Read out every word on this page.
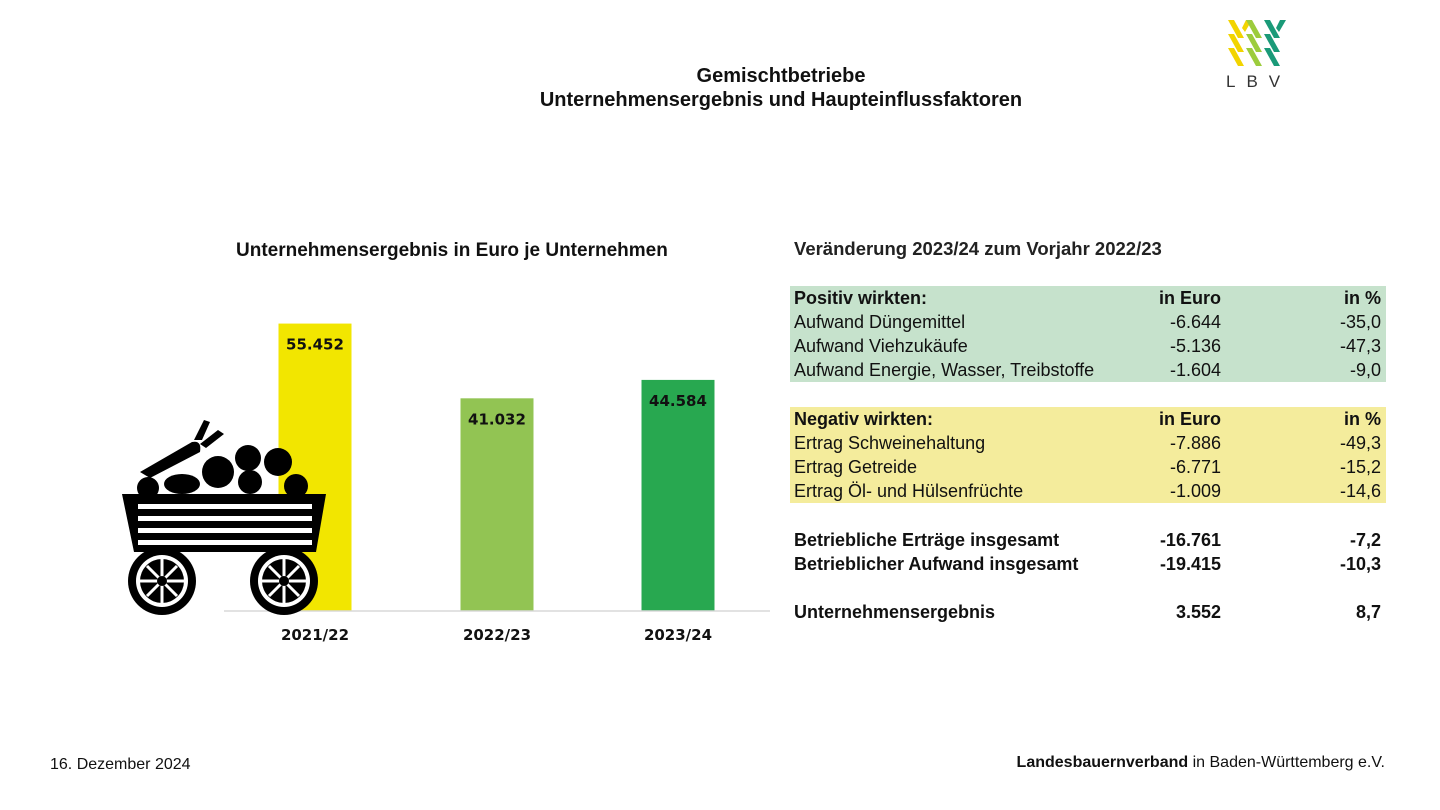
Gemischtbetriebe
Unternehmensergebnis und Haupteinflussfaktoren
LBV
Unternehmensergebnis in Euro je Unternehmen
55.452
2021/22
41.032
2022/23
44.584
2023/24
Veränderung 2023/24 zum Vorjahr 2022/23
Positiv wirkten:	in Euro	in %
Aufwand Düngemittel	-6.644	-35,0
Aufwand Viehzukäufe	-5.136	-47,3
Aufwand Energie, Wasser, Treibstoffe	-1.604	-9,0
Negativ wirkten:	in Euro	in %
Ertrag Schweinehaltung	-7.886	-49,3
Ertrag Getreide	-6.771	-15,2
Ertrag Öl- und Hülsenfrüchte	-1.009	-14,6
Betriebliche Erträge insgesamt	-16.761	-7,2
Betrieblicher Aufwand insgesamt	-19.415	-10,3
Unternehmensergebnis	3.552	8,7
16. Dezember 2024	Landesbauernverband in Baden-Württemberg e.V.
